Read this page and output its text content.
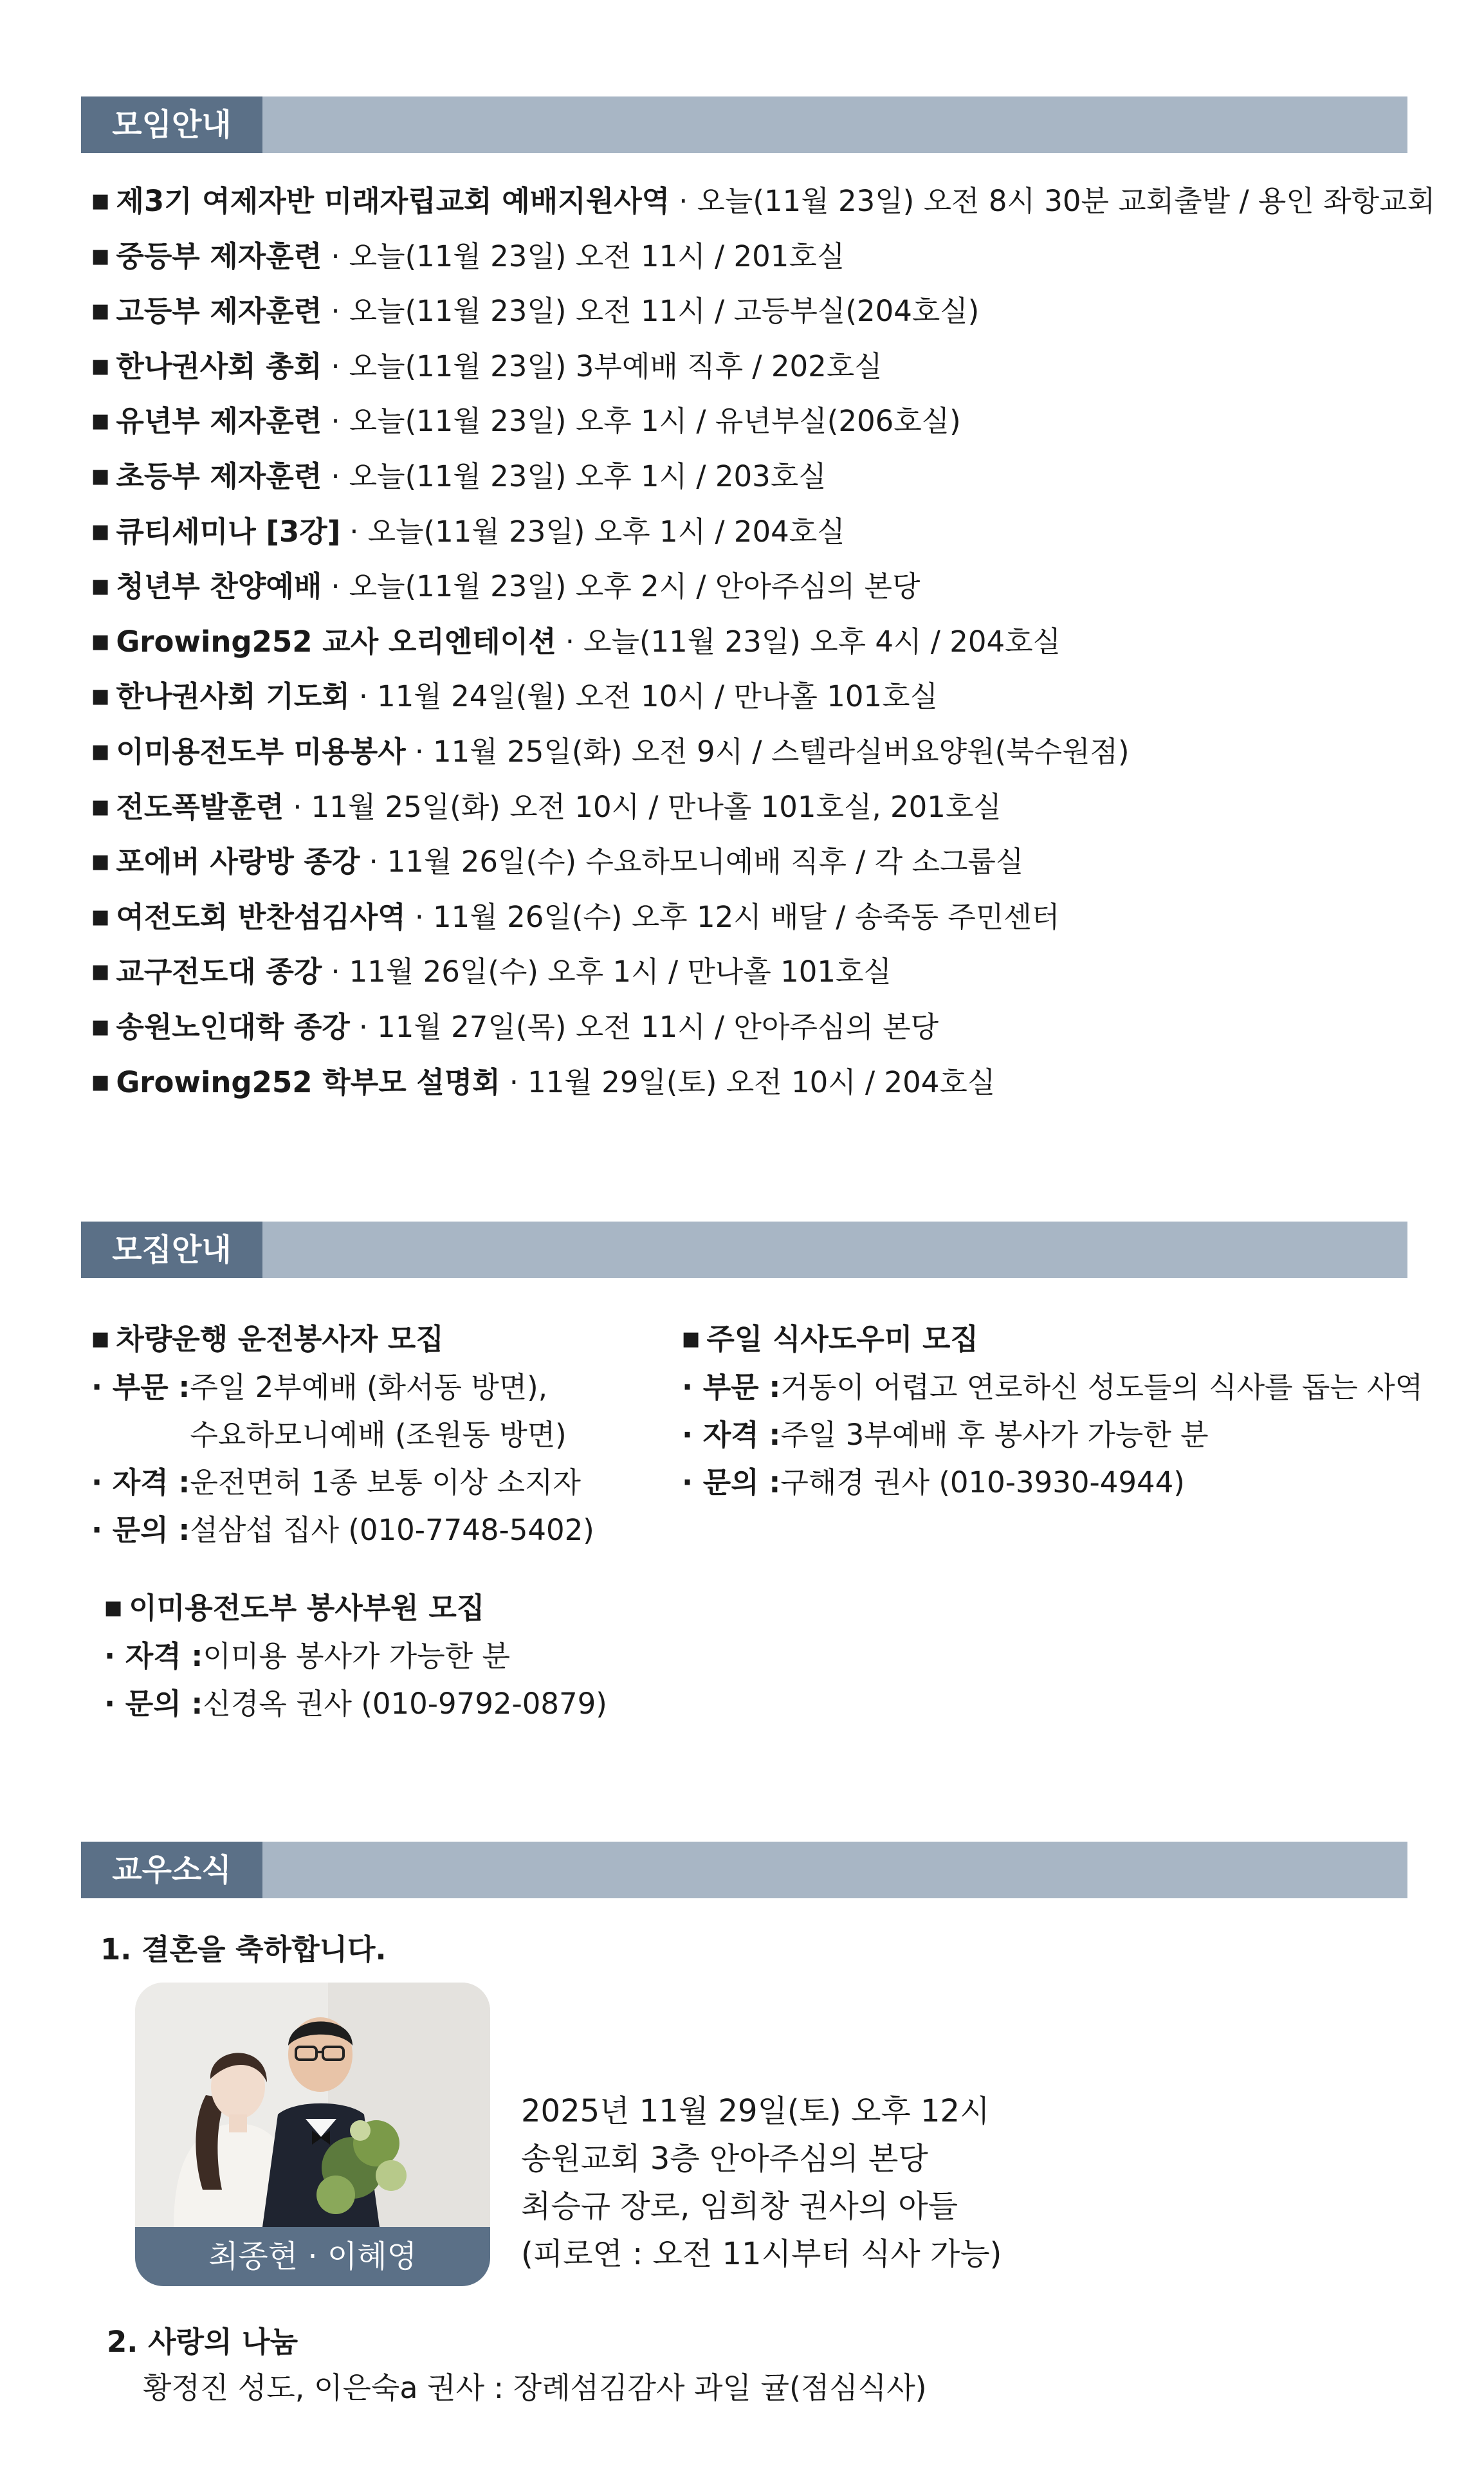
모임안내
■ 제3기 여제자반 미래자립교회 예배지원사역 · 오늘(11월 23일) 오전 8시 30분 교회출발 / 용인 좌항교회
■ 중등부 제자훈련 · 오늘(11월 23일) 오전 11시 / 201호실
■ 고등부 제자훈련 · 오늘(11월 23일) 오전 11시 / 고등부실(204호실)
■ 한나권사회 총회 · 오늘(11월 23일) 3부예배 직후 / 202호실
■ 유년부 제자훈련 · 오늘(11월 23일) 오후 1시 / 유년부실(206호실)
■ 초등부 제자훈련 · 오늘(11월 23일) 오후 1시 / 203호실
■ 큐티세미나 [3강] · 오늘(11월 23일) 오후 1시 / 204호실
■ 청년부 찬양예배 · 오늘(11월 23일) 오후 2시 / 안아주심의 본당
■ Growing252 교사 오리엔테이션 · 오늘(11월 23일) 오후 4시 / 204호실
■ 한나권사회 기도회 · 11월 24일(월) 오전 10시 / 만나홀 101호실
■ 이미용전도부 미용봉사 · 11월 25일(화) 오전 9시 / 스텔라실버요양원(북수원점)
■ 전도폭발훈련 · 11월 25일(화) 오전 10시 / 만나홀 101호실, 201호실
■ 포에버 사랑방 종강 · 11월 26일(수) 수요하모니예배 직후 / 각 소그룹실
■ 여전도회 반찬섬김사역 · 11월 26일(수) 오후 12시 배달 / 송죽동 주민센터
■ 교구전도대 종강 · 11월 26일(수) 오후 1시 / 만나홀 101호실
■ 송원노인대학 종강 · 11월 27일(목) 오전 11시 / 안아주심의 본당
■ Growing252 학부모 설명회 · 11월 29일(토) 오전 10시 / 204호실
모집안내
■ 차량운행 운전봉사자 모집
· 부문 : 주일 2부예배 (화서동 방면),
수요하모니예배 (조원동 방면)
· 자격 : 운전면허 1종 보통 이상 소지자
· 문의 : 설삼섭 집사 (010-7748-5402)
■ 주일 식사도우미 모집
· 부문 : 거동이 어렵고 연로하신 성도들의 식사를 돕는 사역
· 자격 : 주일 3부예배 후 봉사가 가능한 분
· 문의 : 구해경 권사 (010-3930-4944)
■ 이미용전도부 봉사부원 모집
· 자격 : 이미용 봉사가 가능한 분
· 문의 : 신경옥 권사 (010-9792-0879)
교우소식
1. 결혼을 축하합니다.
최종현 · 이혜영
2025년 11월 29일(토) 오후 12시
송원교회 3층 안아주심의 본당
최승규 장로, 임희창 권사의 아들
(피로연 : 오전 11시부터 식사 가능)
2. 사랑의 나눔
황정진 성도, 이은숙a 권사 : 장례섬김감사 과일 귤(점심식사)
